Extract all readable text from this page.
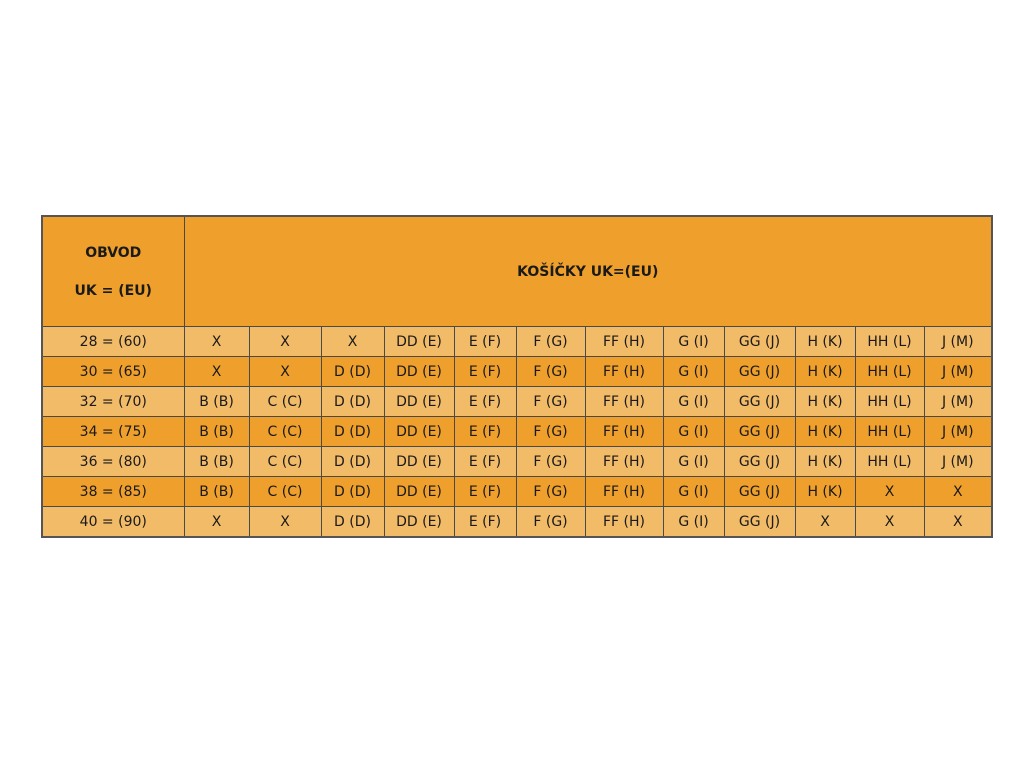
OBVOD
UK = (EU)	KOŠÍČKY UK=(EU)											
28 = (60)	X	X	X	DD (E)	E (F)	F (G)	FF (H)	G (I)	GG (J)	H (K)	HH (L)	J (M)
30 = (65)	X	X	D (D)	DD (E)	E (F)	F (G)	FF (H)	G (I)	GG (J)	H (K)	HH (L)	J (M)
32 = (70)	B (B)	C (C)	D (D)	DD (E)	E (F)	F (G)	FF (H)	G (I)	GG (J)	H (K)	HH (L)	J (M)
34 = (75)	B (B)	C (C)	D (D)	DD (E)	E (F)	F (G)	FF (H)	G (I)	GG (J)	H (K)	HH (L)	J (M)
36 = (80)	B (B)	C (C)	D (D)	DD (E)	E (F)	F (G)	FF (H)	G (I)	GG (J)	H (K)	HH (L)	J (M)
38 = (85)	B (B)	C (C)	D (D)	DD (E)	E (F)	F (G)	FF (H)	G (I)	GG (J)	H (K)	X	X
40 = (90)	X	X	D (D)	DD (E)	E (F)	F (G)	FF (H)	G (I)	GG (J)	X	X	X
